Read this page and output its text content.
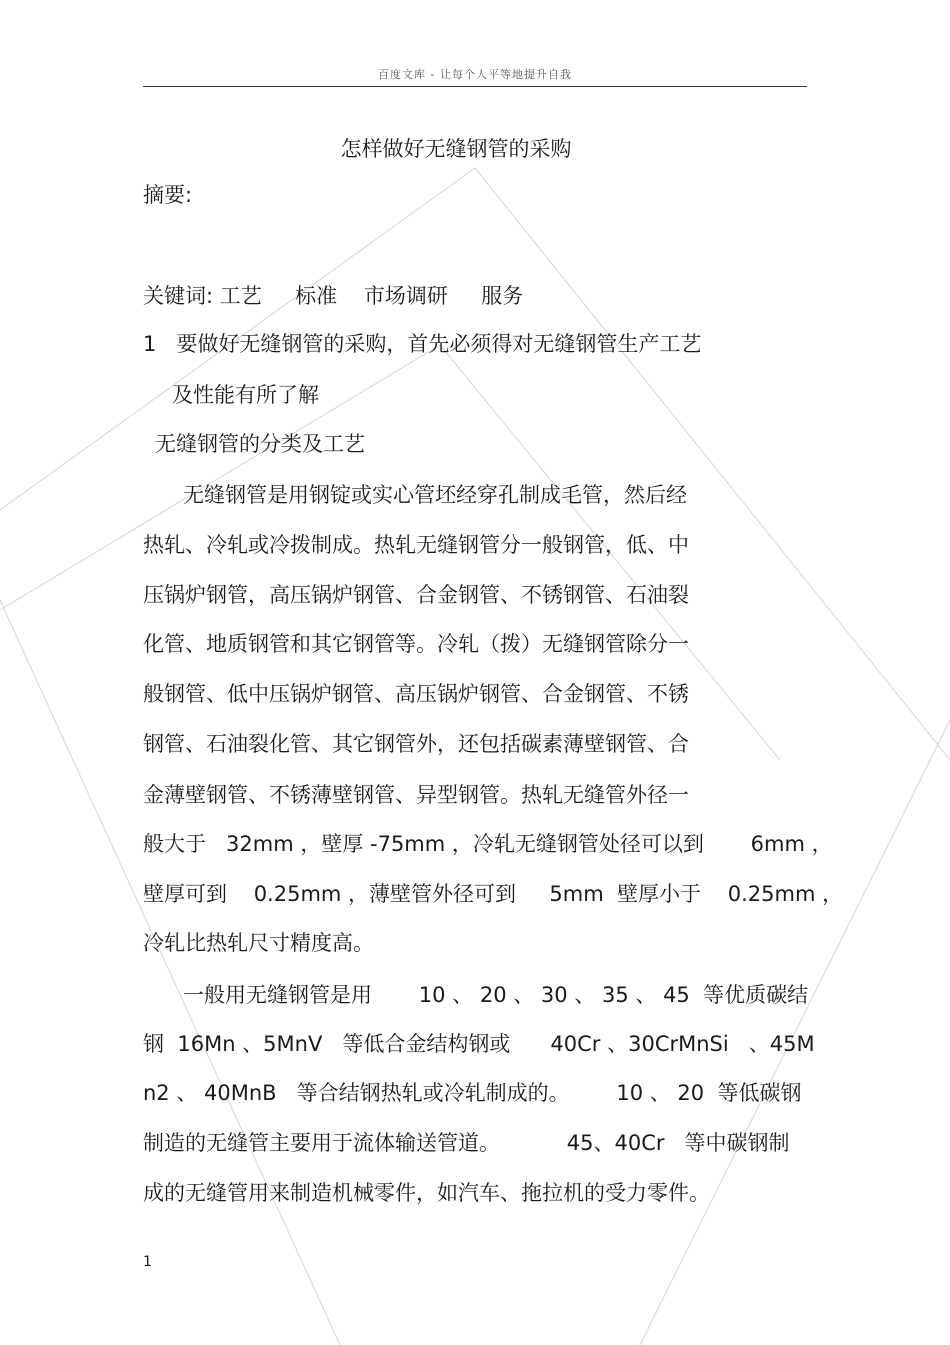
百度文库 - 让每个人平等地提升自我
怎样做好无缝钢管的采购
摘要:
关键词: 工艺     标准    市场调研     服务
1   要做好无缝钢管的采购，首先必须得对无缝钢管生产工艺
及性能有所了解
无缝钢管的分类及工艺
无缝钢管是用钢锭或实心管坯经穿孔制成毛管，然后经
热轧、冷轧或冷拨制成。热轧无缝钢管分一般钢管，低、中
压锅炉钢管，高压锅炉钢管、合金钢管、不锈钢管、石油裂
化管、地质钢管和其它钢管等。冷轧（拨）无缝钢管除分一
般钢管、低中压锅炉钢管、高压锅炉钢管、合金钢管、不锈
钢管、石油裂化管、其它钢管外，还包括碳素薄壁钢管、合
金薄壁钢管、不锈薄壁钢管、异型钢管。热轧无缝管外径一
般大于   32mm ，壁厚 -75mm ，冷轧无缝钢管处径可以到       6mm ，
壁厚可到    0.25mm ，薄壁管外径可到     5mm  壁厚小于    0.25mm ，
冷轧比热轧尺寸精度高。
一般用无缝钢管是用       10 、 20 、 30 、 35 、 45  等优质碳结
钢  16Mn 、5MnV   等低合金结构钢或      40Cr 、30CrMnSi   、45M
n2 、 40MnB   等合结钢热轧或冷轧制成的。       10 、 20  等低碳钢
制造的无缝管主要用于流体输送管道。          45、40Cr   等中碳钢制
成的无缝管用来制造机械零件，如汽车、拖拉机的受力零件。
1
